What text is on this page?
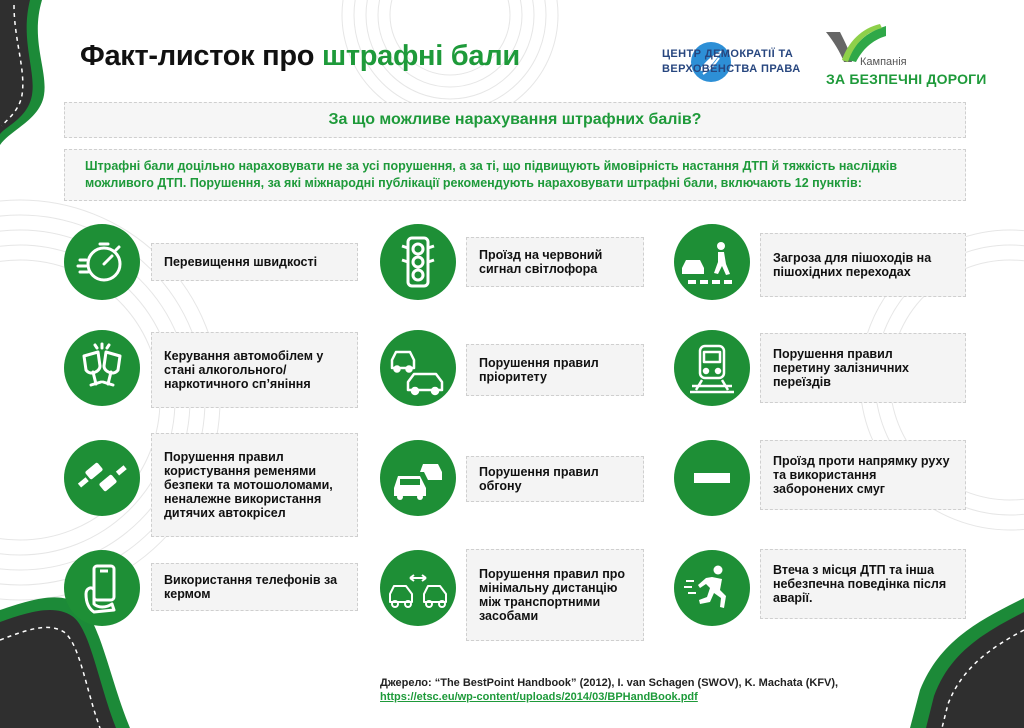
Факт-листок про штрафні бали	ЦЕНТР ДЕМОКРАТІЇ ТА
ВЕРХОВЕНСТВА ПРАВА
Кампанія
ЗА БЕЗПЕЧНІ ДОРОГИ
За що можливе нарахування штрафних балів?
Штрафні бали доцільно нараховувати не за усі порушення, а за ті, що підвищують ймовірність настання ДТП й тяжкість наслідків можливого ДТП. Порушення, за які міжнародні публікації рекомендують нараховувати штрафні бали, включають 12 пунктів:
Перевищення швидкості
Керування автомобілем у стані алкогольного/ наркотичного сп’яніння
Порушення правил користування ременями безпеки та мотошоломами, неналежне використання дитячих автокрісел
Використання телефонів за кермом
Проїзд на червоний сигнал світлофора
Порушення правил пріоритету
Порушення правил обгону
Порушення правил про мінімальну дистанцію між транспортними засобами
Загроза для пішоходів на пішохідних переходах
Порушення правил перетину залізничних переїздів
Проїзд проти напрямку руху та використання заборонених смуг
Втеча з місця ДТП та інша небезпечна поведінка після аварії.
Джерело: “The BestPoint Handbook” (2012), I. van Schagen (SWOV), K. Machata (KFV),
https://etsc.eu/wp-content/uploads/2014/03/BPHandBook.pdf
